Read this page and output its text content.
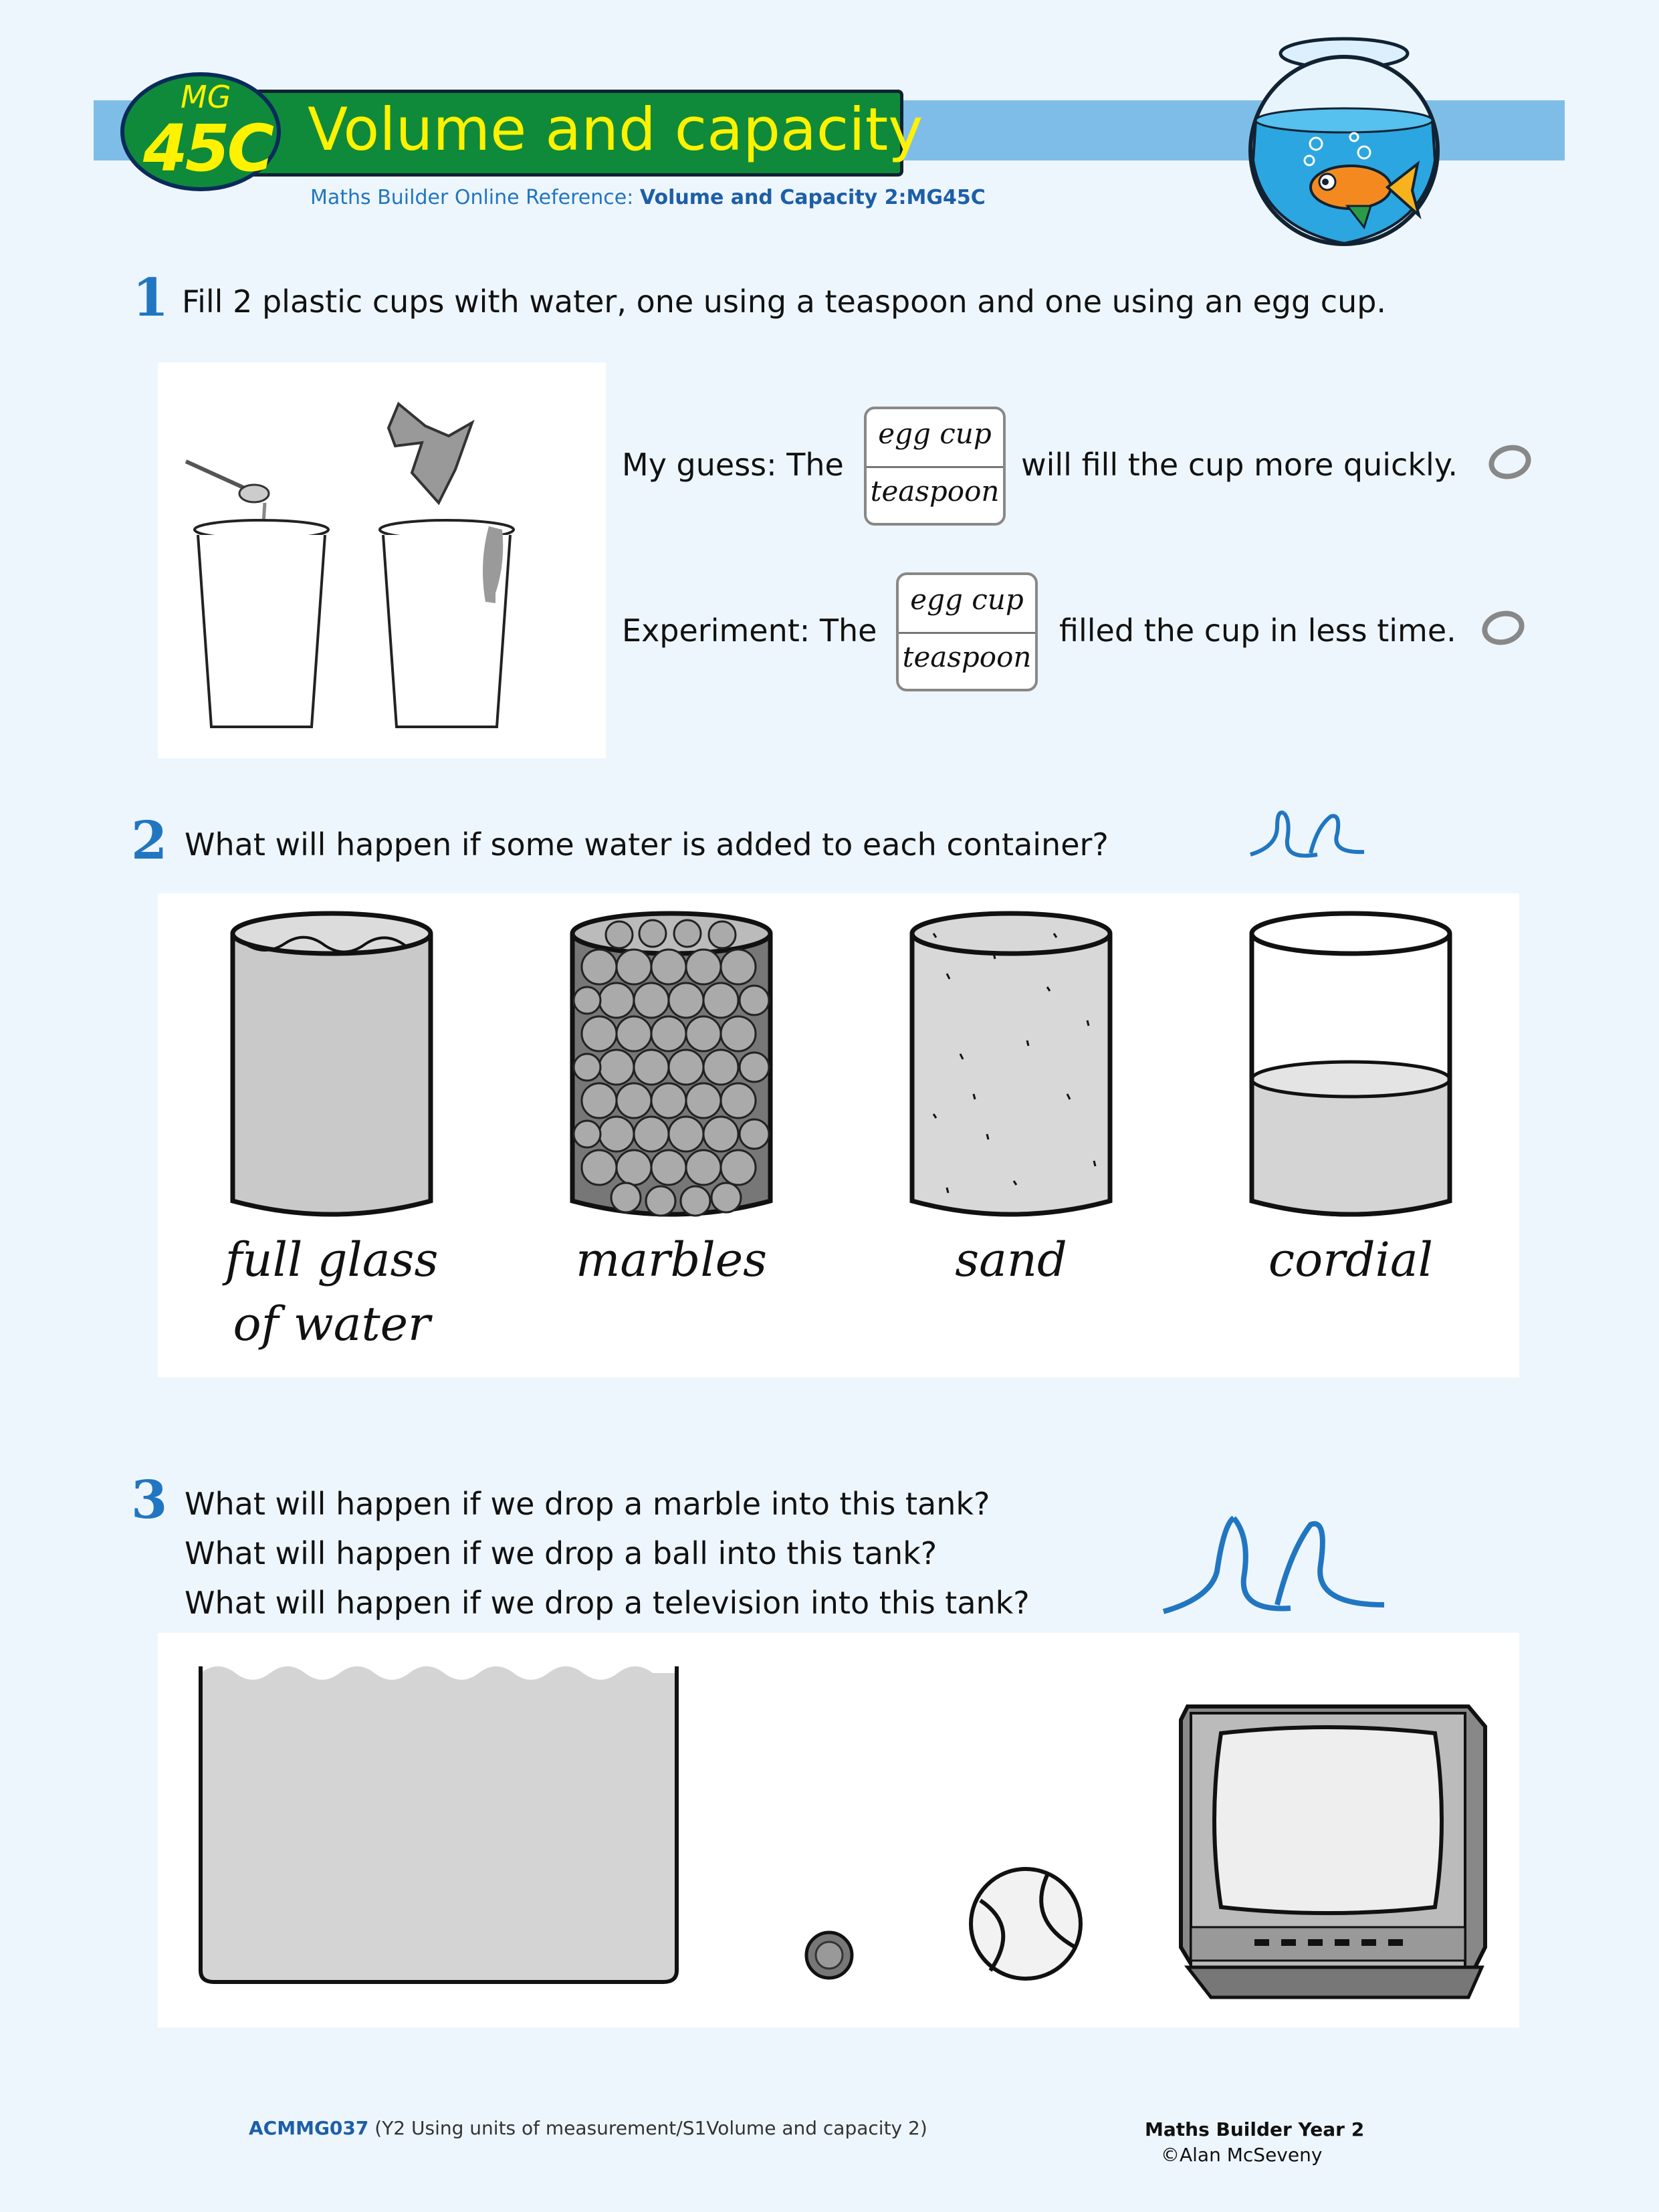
Volume and capacity
MG
45C
Maths Builder Online Reference: Volume and Capacity 2:MG45C
1 Fill 2 plastic cups with water, one using a teaspoon and one using an egg cup.
My guess: The
egg cup
teaspoon
will fill the cup more quickly.
Experiment: The
egg cup
teaspoon
filled the cup in less time.
2 What will happen if some water is added to each container?
full glass
of water
marbles	sand	cordial
3 What will happen if we drop a marble into this tank?
What will happen if we drop a ball into this tank?
What will happen if we drop a television into this tank?
ACMMG037 (Y2 Using units of measurement/S1Volume and capacity 2)	Maths Builder Year 2
©Alan McSeveny
